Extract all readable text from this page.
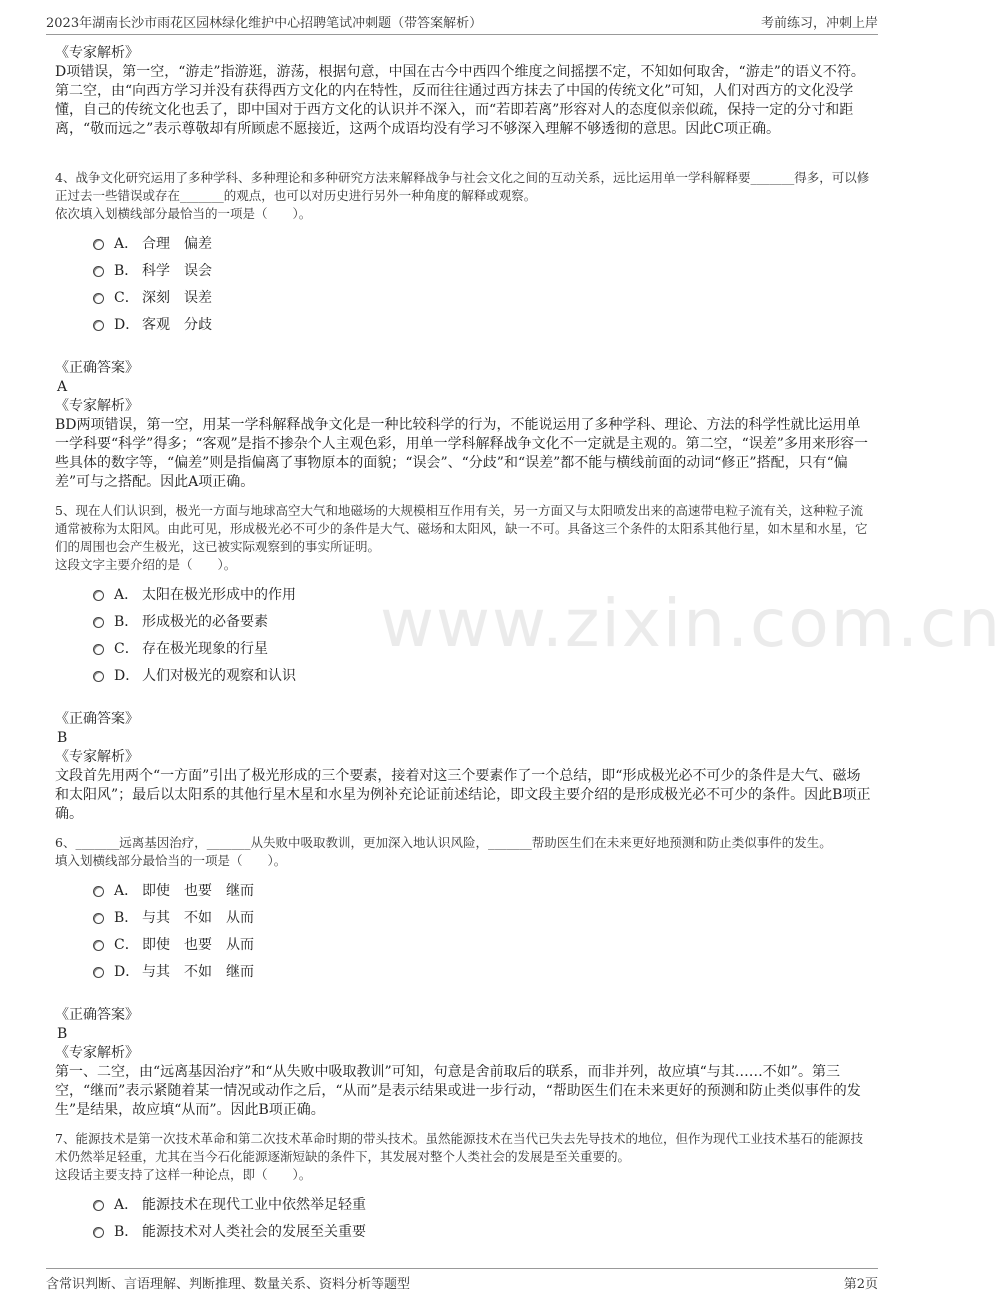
2023年湖南长沙市雨花区园林绿化维护中心招聘笔试冲刺题（带答案解析）	考前练习，冲刺上岸
www.zixin.com.cn
《专家解析》
D项错误，第一空，“游走”指游逛，游荡，根据句意，中国在古今中西四个维度之间摇摆不定，不知如何取舍，“游走”的语义不符。第二空，由“向西方学习并没有获得西方文化的内在特性，反而往往通过西方抹去了中国的传统文化”可知，人们对西方的文化没学懂，自己的传统文化也丢了，即中国对于西方文化的认识并不深入，而“若即若离”形容对人的态度似亲似疏，保持一定的分寸和距离，“敬而远之”表示尊敬却有所顾虑不愿接近，这两个成语均没有学习不够深入理解不够透彻的意思。因此C项正确。
4、战争文化研究运用了多种学科、多种理论和多种研究方法来解释战争与社会文化之间的互动关系，远比运用单一学科解释要_______得多，可以修正过去一些错误或存在_______的观点，也可以对历史进行另外一种角度的解释或观察。
依次填入划横线部分最恰当的一项是（　　）。
A． 合理　偏差
B． 科学　误会
C． 深刻　误差
D． 客观　分歧
《正确答案》
A
《专家解析》
BD两项错误，第一空，用某一学科解释战争文化是一种比较科学的行为，不能说运用了多种学科、理论、方法的科学性就比运用单一学科要“科学”得多；“客观”是指不掺杂个人主观色彩，用单一学科解释战争文化不一定就是主观的。第二空，“误差”多用来形容一些具体的数字等，“偏差”则是指偏离了事物原本的面貌；“误会”、“分歧”和“误差”都不能与横线前面的动词“修正”搭配，只有“偏差”可与之搭配。因此A项正确。
5、现在人们认识到，极光一方面与地球高空大气和地磁场的大规模相互作用有关，另一方面又与太阳喷发出来的高速带电粒子流有关，这种粒子流通常被称为太阳风。由此可见，形成极光必不可少的条件是大气、磁场和太阳风，缺一不可。具备这三个条件的太阳系其他行星，如木星和水星，它们的周围也会产生极光，这已被实际观察到的事实所证明。
这段文字主要介绍的是（　　）。
A． 太阳在极光形成中的作用
B． 形成极光的必备要素
C． 存在极光现象的行星
D． 人们对极光的观察和认识
《正确答案》
B
《专家解析》
文段首先用两个“一方面”引出了极光形成的三个要素，接着对这三个要素作了一个总结，即“形成极光必不可少的条件是大气、磁场和太阳风”；最后以太阳系的其他行星木星和水星为例补充论证前述结论，即文段主要介绍的是形成极光必不可少的条件。因此B项正确。
6、_______远离基因治疗，_______从失败中吸取教训，更加深入地认识风险，_______帮助医生们在未来更好地预测和防止类似事件的发生。
填入划横线部分最恰当的一项是（　　）。
A． 即使　也要　继而
B． 与其　不如　从而
C． 即使　也要　从而
D． 与其　不如　继而
《正确答案》
B
《专家解析》
第一、二空，由“远离基因治疗”和“从失败中吸取教训”可知，句意是舍前取后的联系，而非并列，故应填“与其……不如”。第三空，“继而”表示紧随着某一情况或动作之后，“从而”是表示结果或进一步行动，“帮助医生们在未来更好的预测和防止类似事件的发生”是结果，故应填“从而”。因此B项正确。
7、能源技术是第一次技术革命和第二次技术革命时期的带头技术。虽然能源技术在当代已失去先导技术的地位，但作为现代工业技术基石的能源技术仍然举足轻重，尤其在当今石化能源逐渐短缺的条件下，其发展对整个人类社会的发展是至关重要的。
这段话主要支持了这样一种论点，即（　　）。
A． 能源技术在现代工业中依然举足轻重
B． 能源技术对人类社会的发展至关重要
含常识判断、言语理解、判断推理、数量关系、资料分析等题型	第2页
